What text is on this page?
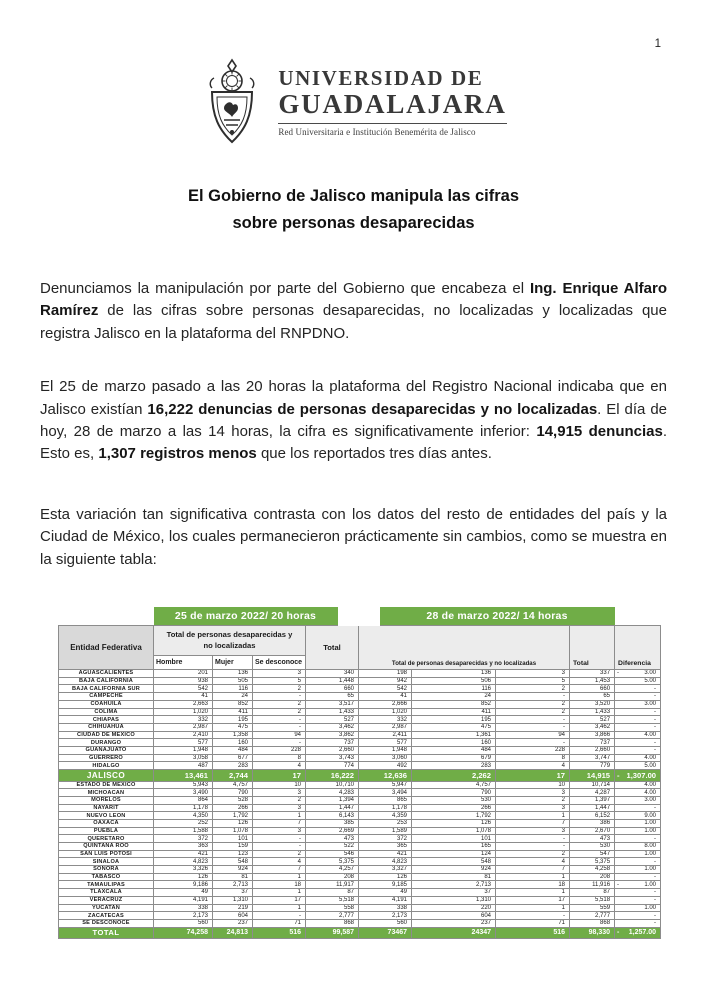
1
UNIVERSIDAD DE
GUADALAJARA
Red Universitaria e Institución Benemérita de Jalisco
El Gobierno de Jalisco manipula las cifras
sobre personas desaparecidas

Denunciamos la manipulación por parte del Gobierno que encabeza el Ing. Enrique Alfaro Ramírez de las cifras sobre personas desaparecidas, no localizadas y localizadas que registra Jalisco en la plataforma del RNPDNO.

El 25 de marzo pasado a las 20 horas la plataforma del Registro Nacional indicaba que en Jalisco existían 16,222 denuncias de personas desaparecidas y no localizadas. El día de hoy, 28 de marzo a las 14 horas, la cifra es significativamente inferior: 14,915 denuncias. Esto es, 1,307 registros menos que los reportados tres días antes.

Esta variación tan significativa contrasta con los datos del resto de entidades del país y la Ciudad de México, los cuales permanecieron prácticamente sin cambios, como se muestra en la siguiente tabla:

	25 de marzo 2022/ 20 horas				28 de marzo 2022/ 14 horas				
Entidad Federativa	Total de personas desaparecidas y no localizadas			Total	Total de personas desaparecidas y no localizadas			Total	Diferencia
	Hombre	Mujer	Se desconoce						
AGUASCALIENTES	201	136	3	340	198	136	3	337	- 3.00

BAJA CALIFORNIA	938	505	5	1,448	942	506	5	1,453	5.00
BAJA CALIFORNIA SUR	542	116	2	660	542	116	2	660	-
CAMPECHE	41	24	-	65	41	24	-	65	-
COAHUILA	2,663	852	2	3,517	2,666	852	2	3,520	3.00
COLIMA	1,020	411	2	1,433	1,020	411	2	1,433	-
CHIAPAS	332	195	-	527	332	195	-	527	-
CHIHUAHUA	2,987	475	-	3,462	2,987	475	-	3,462	-
CIUDAD DE MEXICO	2,410	1,358	94	3,862	2,411	1,361	94	3,866	4.00
DURANGO	577	160	-	737	577	160	-	737	-
GUANAJUATO	1,948	484	228	2,660	1,948	484	228	2,660	-
GUERRERO	3,058	677	8	3,743	3,060	679	8	3,747	4.00
HIDALGO	487	283	4	774	492	283	4	779	5.00
JALISCO	13,461	2,744	17	16,222	12,636	2,262	17	14,915	- 1,307.00

ESTADO DE MEXICO	5,943	4,757	10	10,710	5,947	4,757	10	10,714	4.00
MICHOACAN	3,490	790	3	4,283	3,494	790	3	4,287	4.00
MORELOS	864	528	2	1,394	865	530	2	1,397	3.00
NAYARIT	1,178	266	3	1,447	1,178	266	3	1,447	-
NUEVO LEON	4,350	1,792	1	6,143	4,359	1,792	1	6,152	9.00
OAXACA	252	126	7	385	253	126	7	386	1.00
PUEBLA	1,588	1,078	3	2,669	1,589	1,078	3	2,670	1.00
QUERETARO	372	101	-	473	372	101	-	473	-
QUINTANA ROO	363	159	-	522	365	165	-	530	8.00
SAN LUIS POTOSI	421	123	2	546	421	124	2	547	1.00
SINALOA	4,823	548	4	5,375	4,823	548	4	5,375	-
SONORA	3,326	924	7	4,257	3,327	924	7	4,258	1.00
TABASCO	126	81	1	208	126	81	1	208	-
TAMAULIPAS	9,186	2,713	18	11,917	9,185	2,713	18	11,916	- 1.00

TLAXCALA	49	37	1	87	49	37	1	87	-
VERACRUZ	4,191	1,310	17	5,518	4,191	1,310	17	5,518	-
YUCATAN	338	219	1	558	338	220	1	559	1.00
ZACATECAS	2,173	604	-	2,777	2,173	604	-	2,777	-
SE DESCONOCE	560	237	71	868	560	237	71	868	-
TOTAL	74,258	24,813	516	99,587	73467	24347	516	98,330	- 1,257.00
